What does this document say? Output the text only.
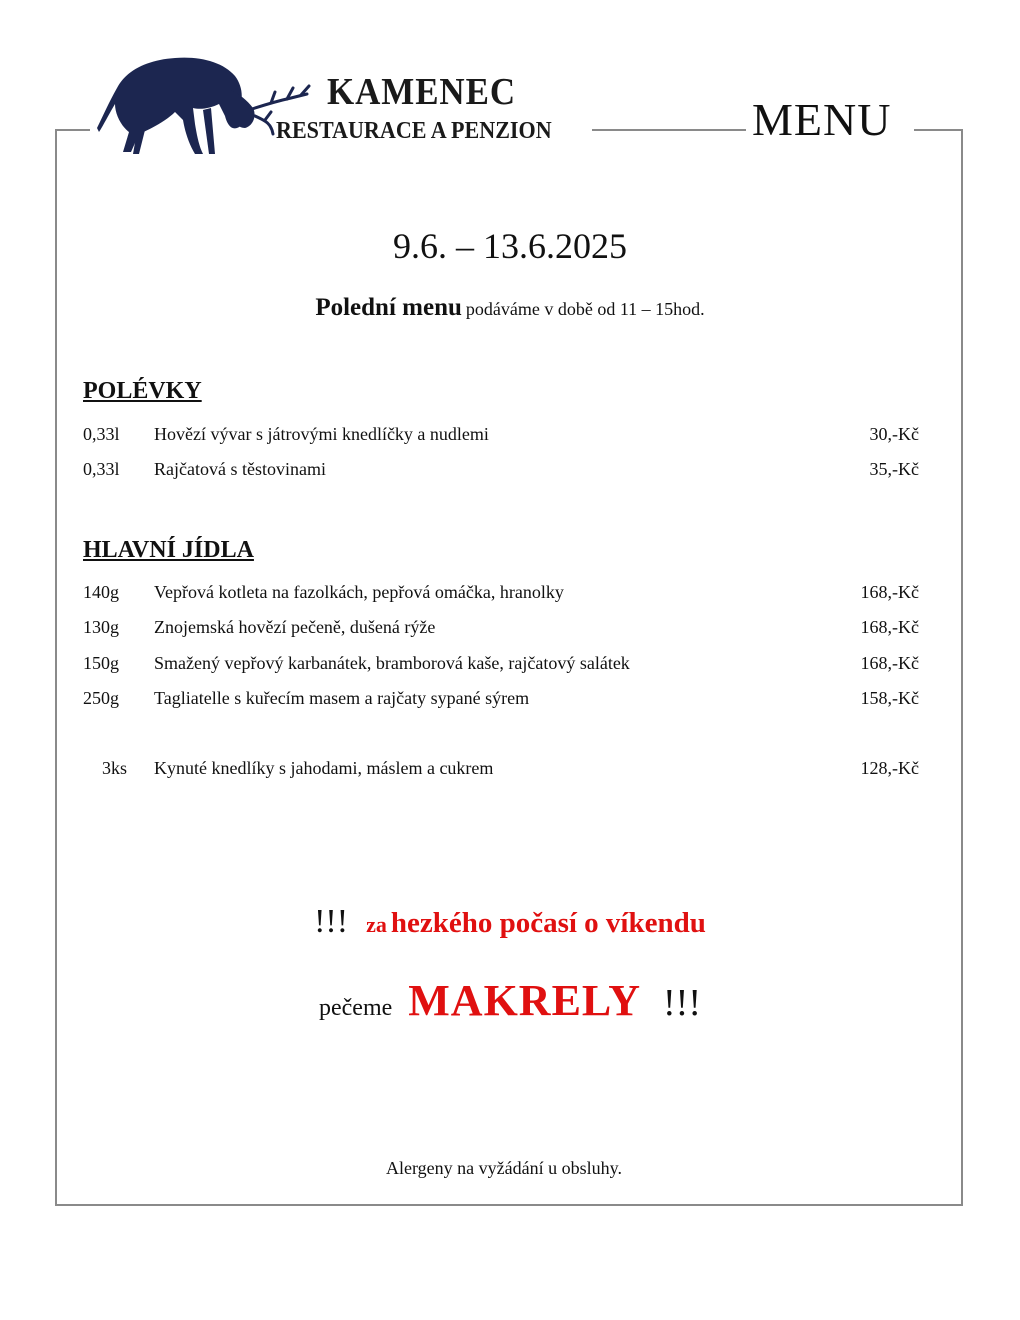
KAMENEC
RESTAURACE A PENZION	MENU
9.6. – 13.6.2025
Polední menu podáváme v době od 11 – 15hod.
POLÉVKY
0,33l	Hovězí vývar s játrovými knedlíčky a nudlemi	30,-Kč
0,33l	Rajčatová s těstovinami	35,-Kč
HLAVNÍ JÍDLA
140g	Vepřová kotleta na fazolkách, pepřová omáčka, hranolky	168,-Kč
130g	Znojemská hovězí pečeně, dušená rýže	168,-Kč
150g	Smažený vepřový karbanátek, bramborová kaše, rajčatový salátek	168,-Kč
250g	Tagliatelle s kuřecím masem a rajčaty sypané sýrem	158,-Kč
3ks Kynuté knedlíky s jahodami, máslem a cukrem	128,-Kč
!!! za hezkého počasí o víkendu
pečeme MAKRELY !!!
Alergeny na vyžádání u obsluhy.
